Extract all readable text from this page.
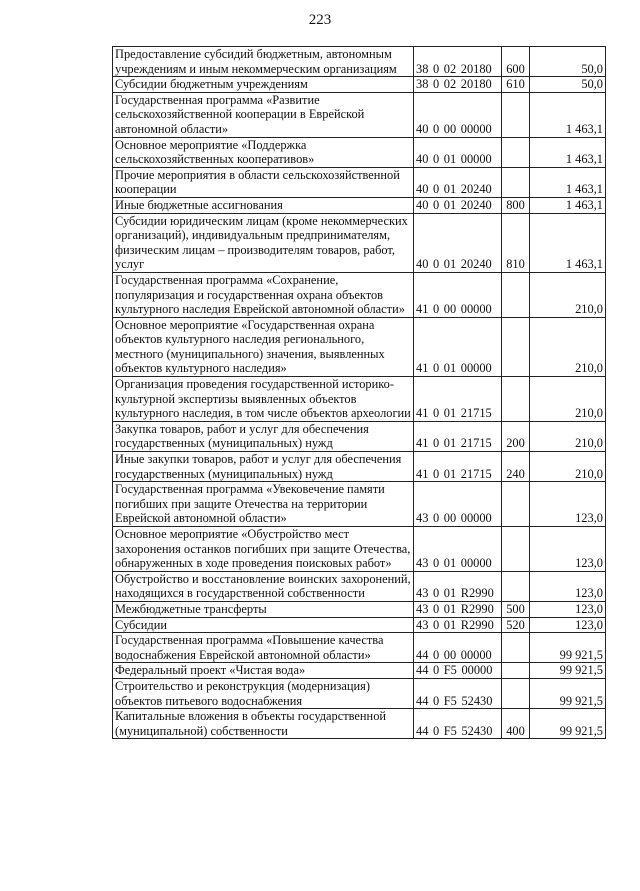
223
Предоставление субсидий бюджетным, автономным учреждениям и иным некоммерческим организациям	38 0 02 20180	600	50,0
Субсидии бюджетным учреждениям	38 0 02 20180	610	50,0
Государственная программа «Развитие сельскохозяйственной кооперации в Еврейской автономной области»	40 0 00 00000		1 463,1
Основное мероприятие «Поддержка сельскохозяйственных кооперативов»	40 0 01 00000		1 463,1
Прочие мероприятия в области сельскохозяйственной кооперации	40 0 01 20240		1 463,1
Иные бюджетные ассигнования	40 0 01 20240	800	1 463,1
Субсидии юридическим лицам (кроме некоммерческих организаций), индивидуальным предпринимателям, физическим лицам – производителям товаров, работ, услуг	40 0 01 20240	810	1 463,1
Государственная программа «Сохранение, популяризация и государственная охрана объектов культурного наследия Еврейской автономной области»	41 0 00 00000		210,0
Основное мероприятие «Государственная охрана объектов культурного наследия регионального, местного (муниципального) значения, выявленных объектов культурного наследия»	41 0 01 00000		210,0
Организация проведения государственной историко-культурной экспертизы выявленных объектов культурного наследия, в том числе объектов археологии	41 0 01 21715		210,0
Закупка товаров, работ и услуг для обеспечения государственных (муниципальных) нужд	41 0 01 21715	200	210,0
Иные закупки товаров, работ и услуг для обеспечения государственных (муниципальных) нужд	41 0 01 21715	240	210,0
Государственная программа «Увековечение памяти погибших при защите Отечества на территории Еврейской автономной области»	43 0 00 00000		123,0
Основное мероприятие «Обустройство мест захоронения останков погибших при защите Отечества, обнаруженных в ходе проведения поисковых работ»	43 0 01 00000		123,0
Обустройство и восстановление воинских захоронений, находящихся в государственной собственности	43 0 01 R2990		123,0
Межбюджетные трансферты	43 0 01 R2990	500	123,0
Субсидии	43 0 01 R2990	520	123,0
Государственная программа «Повышение качества водоснабжения Еврейской автономной области»	44 0 00 00000		99 921,5
Федеральный проект «Чистая вода»	44 0 F5 00000		99 921,5
Строительство и реконструкция (модернизация) объектов питьевого водоснабжения	44 0 F5 52430		99 921,5
Капитальные вложения в объекты государственной (муниципальной) собственности	44 0 F5 52430	400	99 921,5
